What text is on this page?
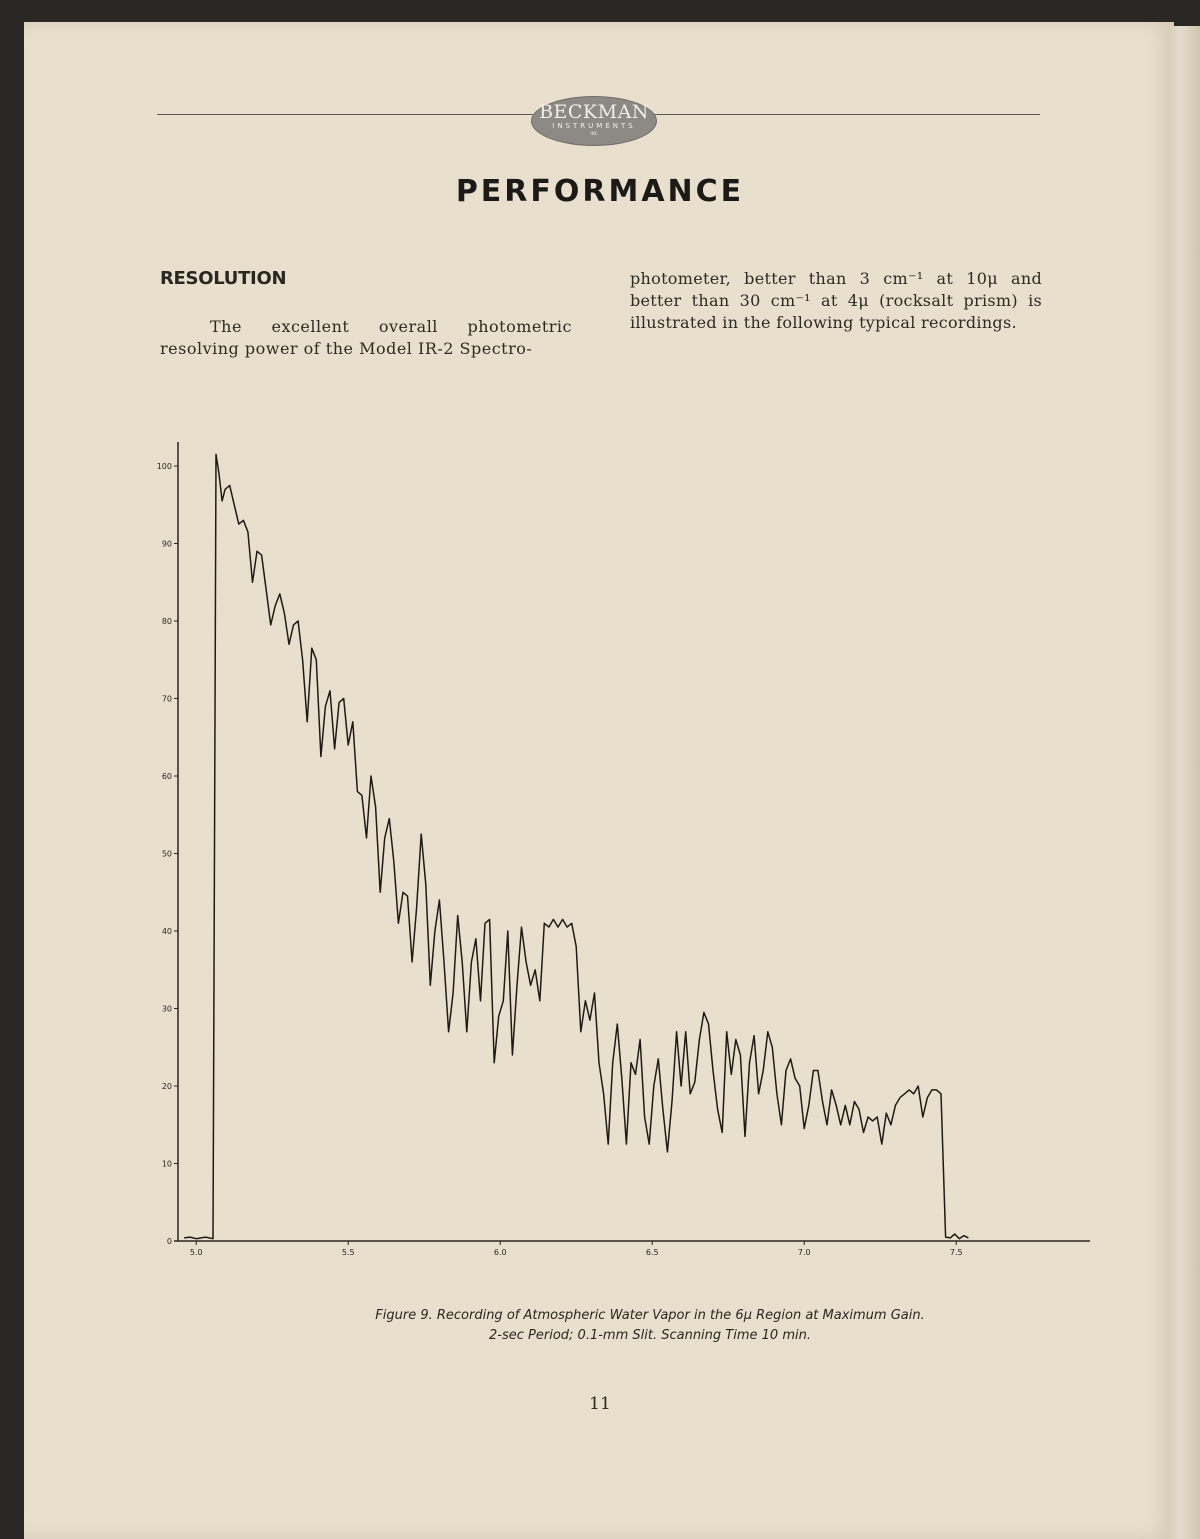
BECKMAN
INSTRUMENTS
INC
PERFORMANCE
RESOLUTION

The excellent overall photometric resolving power of the Model IR-2 Spectro-

photometer, better than 3 cm⁻¹ at 10μ and better than 30 cm⁻¹ at 4μ (rocksalt prism) is illustrated in the following typical recordings.

0
10
20
30
40
50
60
70
80
90
100
5.0	5.5	6.0	6.5	7.0	7.5
Figure 9. Recording of Atmospheric Water Vapor in the 6μ Region at Maximum Gain.
2-sec Period; 0.1-mm Slit. Scanning Time 10 min.
11
